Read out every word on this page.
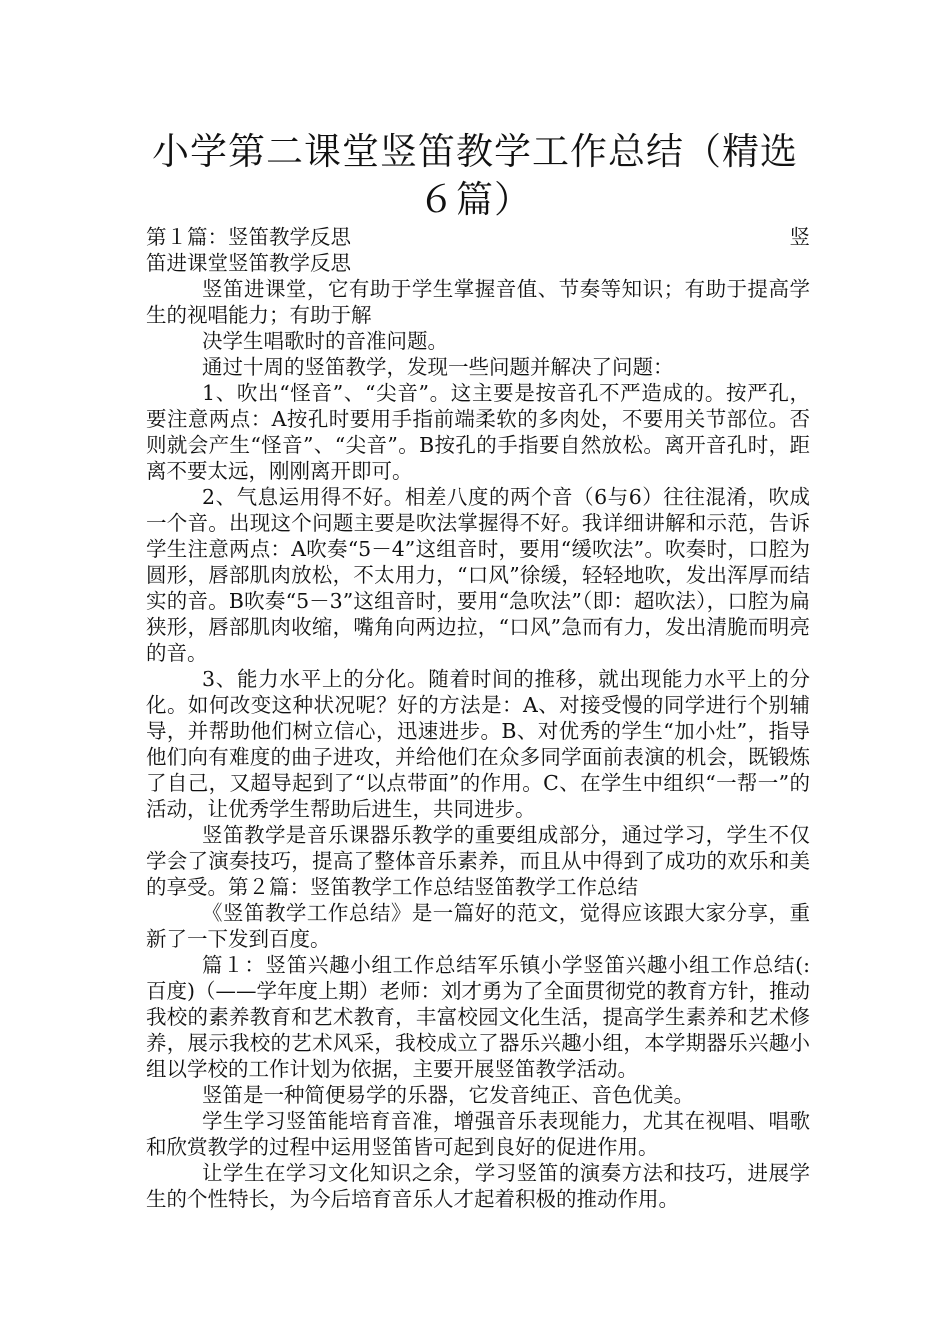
小学第二课堂竖笛教学工作总结（精选６篇）

第１篇：竖笛教学反思	竖

笛进课堂竖笛教学反思

竖笛进课堂，它有助于学生掌握音值、节奏等知识；有助于提高学生的视唱能力；有助于解

决学生唱歌时的音准问题。

通过十周的竖笛教学，发现一些问题并解决了问题：

1、吹出“怪音”、“尖音”。这主要是按音孔不严造成的。按严孔，要注意两点：A按孔时要用手指前端柔软的多肉处，不要用关节部位。否则就会产生“怪音”、“尖音”。B按孔的手指要自然放松。离开音孔时，距离不要太远，刚刚离开即可。

2、气息运用得不好。相差八度的两个音（6与6）往往混淆，吹成一个音。出现这个问题主要是吹法掌握得不好。我详细讲解和示范，告诉学生注意两点：A吹奏“5－4”这组音时，要用“缓吹法”。吹奏时，口腔为圆形，唇部肌肉放松，不太用力，“口风”徐缓，轻轻地吹，发出浑厚而结实的音。B吹奏“5－3”这组音时，要用“急吹法”（即：超吹法），口腔为扁狭形，唇部肌肉收缩，嘴角向两边拉，“口风”急而有力，发出清脆而明亮的音。

3、能力水平上的分化。随着时间的推移，就出现能力水平上的分化。如何改变这种状况呢？好的方法是：A、对接受慢的同学进行个别辅导，并帮助他们树立信心，迅速进步。B、对优秀的学生“加小灶”，指导他们向有难度的曲子进攻，并给他们在众多同学面前表演的机会，既锻炼了自己，又超导起到了“以点带面”的作用。C、在学生中组织“一帮一”的活动，让优秀学生帮助后进生，共同进步。

竖笛教学是音乐课器乐教学的重要组成部分，通过学习，学生不仅学会了演奏技巧，提高了整体音乐素养，而且从中得到了成功的欢乐和美的享受。第２篇：竖笛教学工作总结竖笛教学工作总结

《竖笛教学工作总结》是一篇好的范文，觉得应该跟大家分享，重新了一下发到百度。

篇１：竖笛兴趣小组工作总结军乐镇小学竖笛兴趣小组工作总结(:百度)（——学年度上期）老师：刘才勇为了全面贯彻党的教育方针，推动我校的素养教育和艺术教育，丰富校园文化生活，提高学生素养和艺术修养，展示我校的艺术风采，我校成立了器乐兴趣小组，本学期器乐兴趣小组以学校的工作计划为依据，主要开展竖笛教学活动。

竖笛是一种简便易学的乐器，它发音纯正、音色优美。

学生学习竖笛能培育音准，增强音乐表现能力，尤其在视唱、唱歌和欣赏教学的过程中运用竖笛皆可起到良好的促进作用。

让学生在学习文化知识之余，学习竖笛的演奏方法和技巧，进展学生的个性特长，为今后培育音乐人才起着积极的推动作用。
